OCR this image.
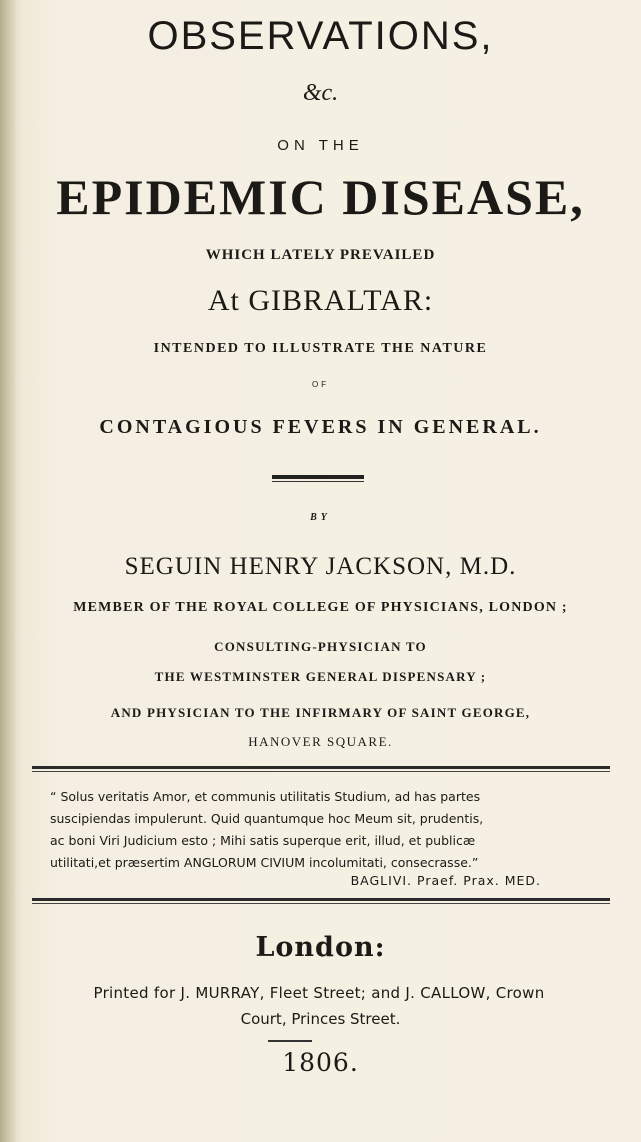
OBSERVATIONS,
&c.
ON THE
EPIDEMIC DISEASE,
WHICH LATELY PREVAILED
At GIBRALTAR:
INTENDED TO ILLUSTRATE THE NATURE
OF
CONTAGIOUS FEVERS IN GENERAL.
BY
SEGUIN HENRY JACKSON, M.D.
MEMBER OF THE ROYAL COLLEGE OF PHYSICIANS, LONDON ;
CONSULTING-PHYSICIAN TO
THE WESTMINSTER GENERAL DISPENSARY ;
AND PHYSICIAN TO THE INFIRMARY OF SAINT GEORGE,
HANOVER SQUARE.

“ Solus veritatis Amor, et communis utilitatis Studium, ad has partes

suscipiendas impulerunt. Quid quantumque hoc Meum sit, prudentis,

ac boni Viri Judicium esto ; Mihi satis superque erit, illud, et publicæ

utilitati,et præsertim ANGLORUM CIVIUM incolumitati, consecrasse.”

BAGLIVI. Praef. Prax. MED.
London:
Printed for J. MURRAY, Fleet Street; and J. CALLOW, Crown
Court, Princes Street.
1806.
